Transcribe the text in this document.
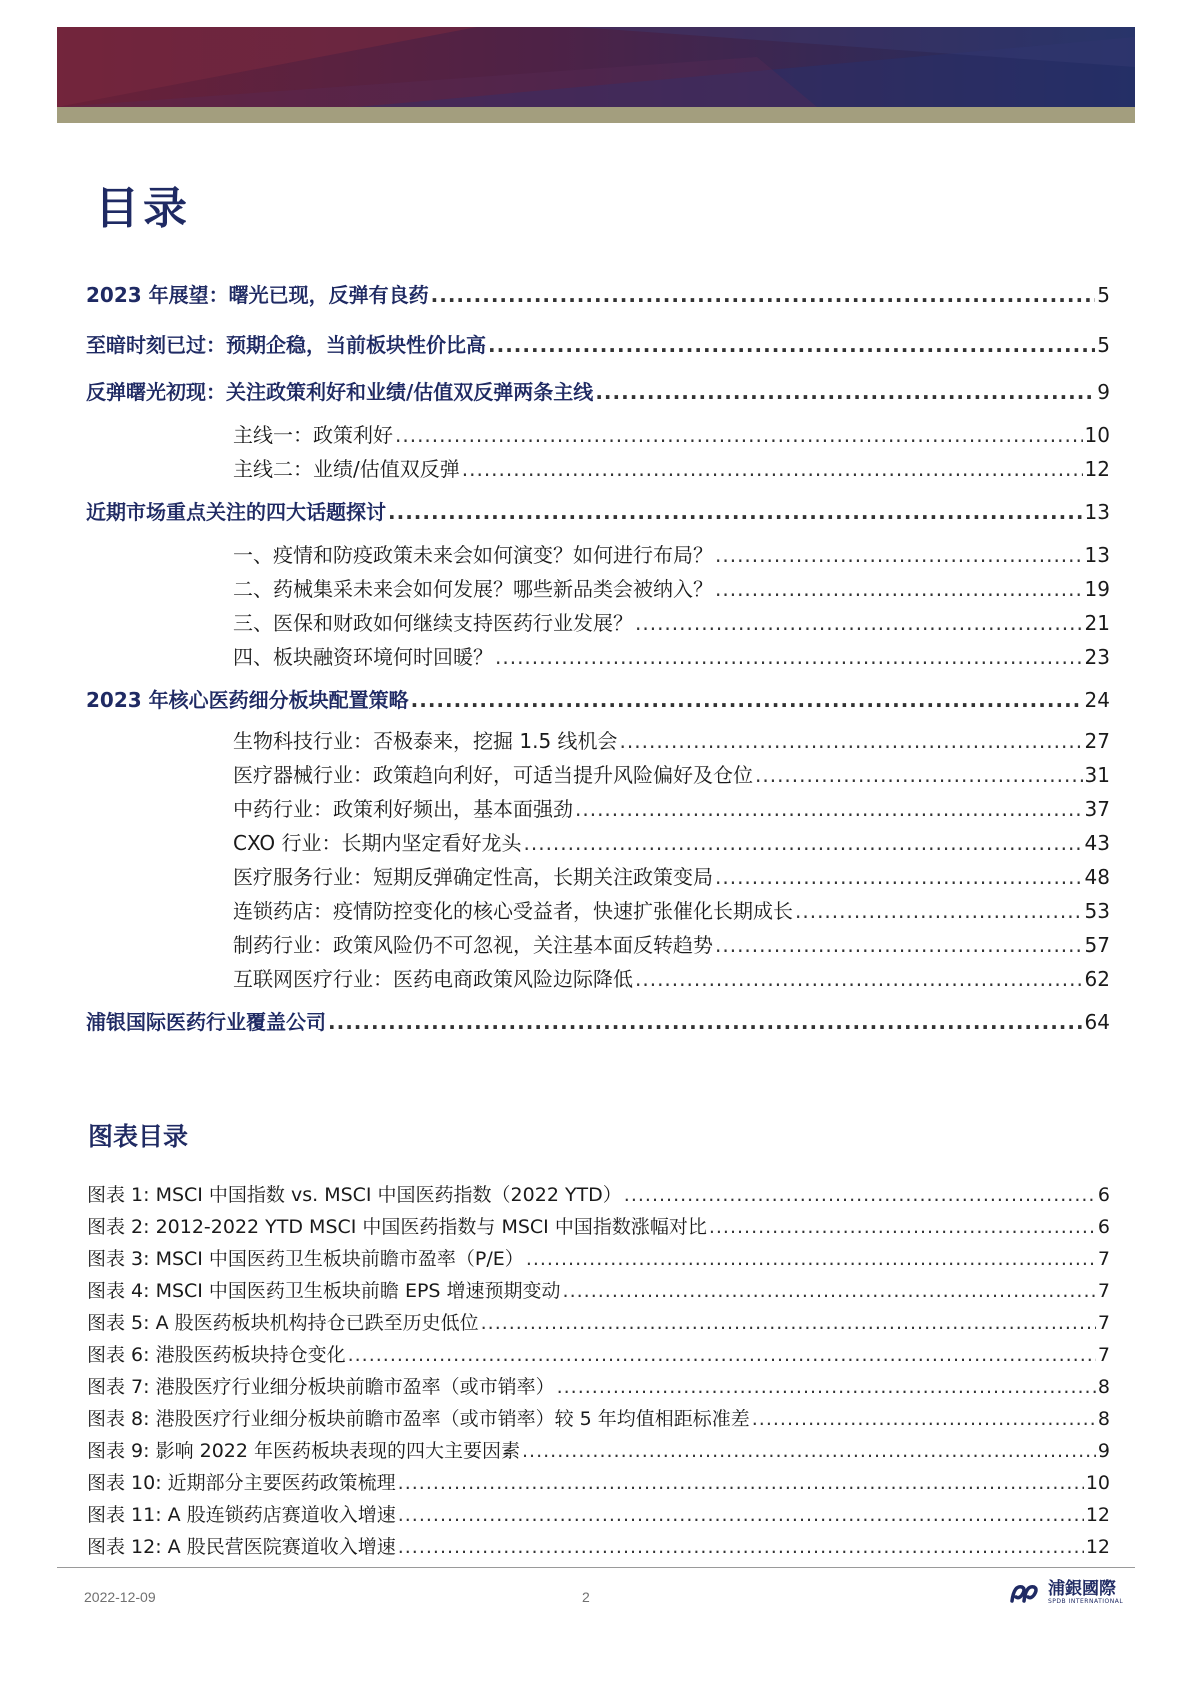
目录
2023 年展望：曙光已现，反弹有良药 .....	5
至暗时刻已过：预期企稳，当前板块性价比高 .....	5
反弹曙光初现：关注政策利好和业绩/估值双反弹两条主线 .....	9
主线一：政策利好 .....	10
主线二：业绩/估值双反弹 .....	12
近期市场重点关注的四大话题探讨 .....	13
一、疫情和防疫政策未来会如何演变？如何进行布局？ .....	13
二、药械集采未来会如何发展？哪些新品类会被纳入？ .....	19
三、医保和财政如何继续支持医药行业发展？ .....	21
四、板块融资环境何时回暖？ .....	23
2023 年核心医药细分板块配置策略 .....	24
生物科技行业：否极泰来，挖掘 1.5 线机会 .....	27
医疗器械行业：政策趋向利好，可适当提升风险偏好及仓位 .....	31
中药行业：政策利好频出，基本面强劲 .....	37
CXO 行业：长期内坚定看好龙头 .....	43
医疗服务行业：短期反弹确定性高，长期关注政策变局 .....	48
连锁药店：疫情防控变化的核心受益者，快速扩张催化长期成长 .....	53
制药行业：政策风险仍不可忽视，关注基本面反转趋势 .....	57
互联网医疗行业：医药电商政策风险边际降低 .....	62
浦银国际医药行业覆盖公司 .....	64
图表目录
图表 1: MSCI 中国指数 vs. MSCI 中国医药指数（2022 YTD） .....	6
图表 2: 2012-2022 YTD MSCI 中国医药指数与 MSCI 中国指数涨幅对比 .....	6
图表 3: MSCI 中国医药卫生板块前瞻市盈率（P/E） .....	7
图表 4: MSCI 中国医药卫生板块前瞻 EPS 增速预期变动 .....	7
图表 5: A 股医药板块机构持仓已跌至历史低位 .....	7
图表 6: 港股医药板块持仓变化 .....	7
图表 7: 港股医疗行业细分板块前瞻市盈率（或市销率） .....	8
图表 8: 港股医疗行业细分板块前瞻市盈率（或市销率）较 5 年均值相距标准差 .....	8
图表 9: 影响 2022 年医药板块表现的四大主要因素 .....	9
图表 10: 近期部分主要医药政策梳理 .....	10
图表 11: A 股连锁药店赛道收入增速 .....	12
图表 12: A 股民营医院赛道收入增速 .....	12
2022-12-09	2	浦銀國際
SPDB INTERNATIONAL
